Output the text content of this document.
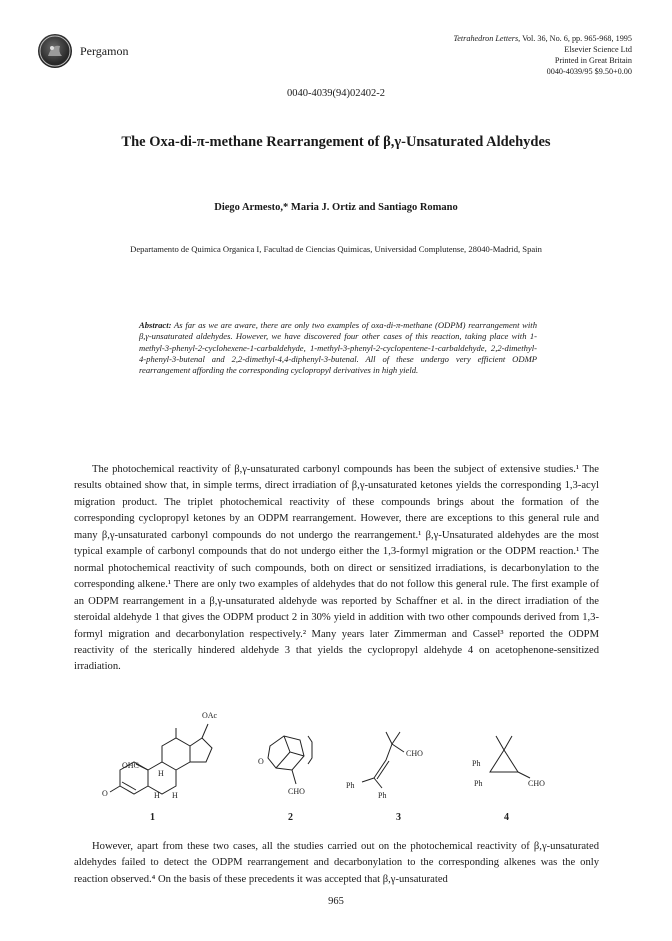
Pergamon
Tetrahedron Letters, Vol. 36, No. 6, pp. 965-968, 1995
Elsevier Science Ltd
Printed in Great Britain
0040-4039/95 $9.50+0.00
0040-4039(94)02402-2
The Oxa-di-π-methane Rearrangement of β,γ-Unsaturated Aldehydes
Diego Armesto,* Maria J. Ortiz and Santiago Romano
Departamento de Quimica Organica I, Facultad de Ciencias Quimicas, Universidad Complutense, 28040-Madrid, Spain
Abstract: As far as we are aware, there are only two examples of oxa-di-π-methane (ODPM) rearrangement with β,γ-unsaturated aldehydes. However, we have discovered four other cases of this reaction, taking place with 1-methyl-3-phenyl-2-cyclohexene-1-carbaldehyde, 1-methyl-3-phenyl-2-cyclopentene-1-carbaldehyde, 2,2-dimethyl-4-phenyl-3-butenal and 2,2-dimethyl-4,4-diphenyl-3-butenal. All of these undergo very efficient ODMP rearrangement affording the corresponding cyclopropyl derivatives in high yield.
The photochemical reactivity of β,γ-unsaturated carbonyl compounds has been the subject of extensive studies.¹ The results obtained show that, in simple terms, direct irradiation of β,γ-unsaturated ketones yields the corresponding 1,3-acyl migration product. The triplet photochemical reactivity of these compounds brings about the formation of the corresponding cyclopropyl ketones by an ODPM rearrangement. However, there are exceptions to this general rule and many β,γ-unsaturated carbonyl compounds do not undergo the rearrangement.¹ β,γ-Unsaturated aldehydes are the most typical example of carbonyl compounds that do not undergo either the 1,3-formyl migration or the ODPM reaction.¹ The normal photochemical reactivity of such compounds, both on direct or sensitized irradiations, is decarbonylation to the corresponding alkene.¹ There are only two examples of aldehydes that do not follow this general rule. The first example of an ODPM rearrangement in a β,γ-unsaturated aldehyde was reported by Schaffner et al. in the direct irradiation of the steroidal aldehyde 1 that gives the ODPM product 2 in 30% yield in addition with two other compounds derived from 1,3-formyl migration and decarbonylation respectively.² Many years later Zimmerman and Cassel³ reported the ODPM reactivity of the sterically hindered aldehyde 3 that yields the cyclopropyl aldehyde 4 on acetophenone-sensitized irradiation.
OAc
OHC
H
H H
O
1
O
CHO
2
CHO
Ph
Ph
3
Ph
Ph	CHO
4
However, apart from these two cases, all the studies carried out on the photochemical reactivity of β,γ-unsaturated aldehydes failed to detect the ODPM rearrangement and decarbonylation to the corresponding alkenes was the only reaction observed.⁴ On the basis of these precedents it was accepted that β,γ-unsaturated
965
